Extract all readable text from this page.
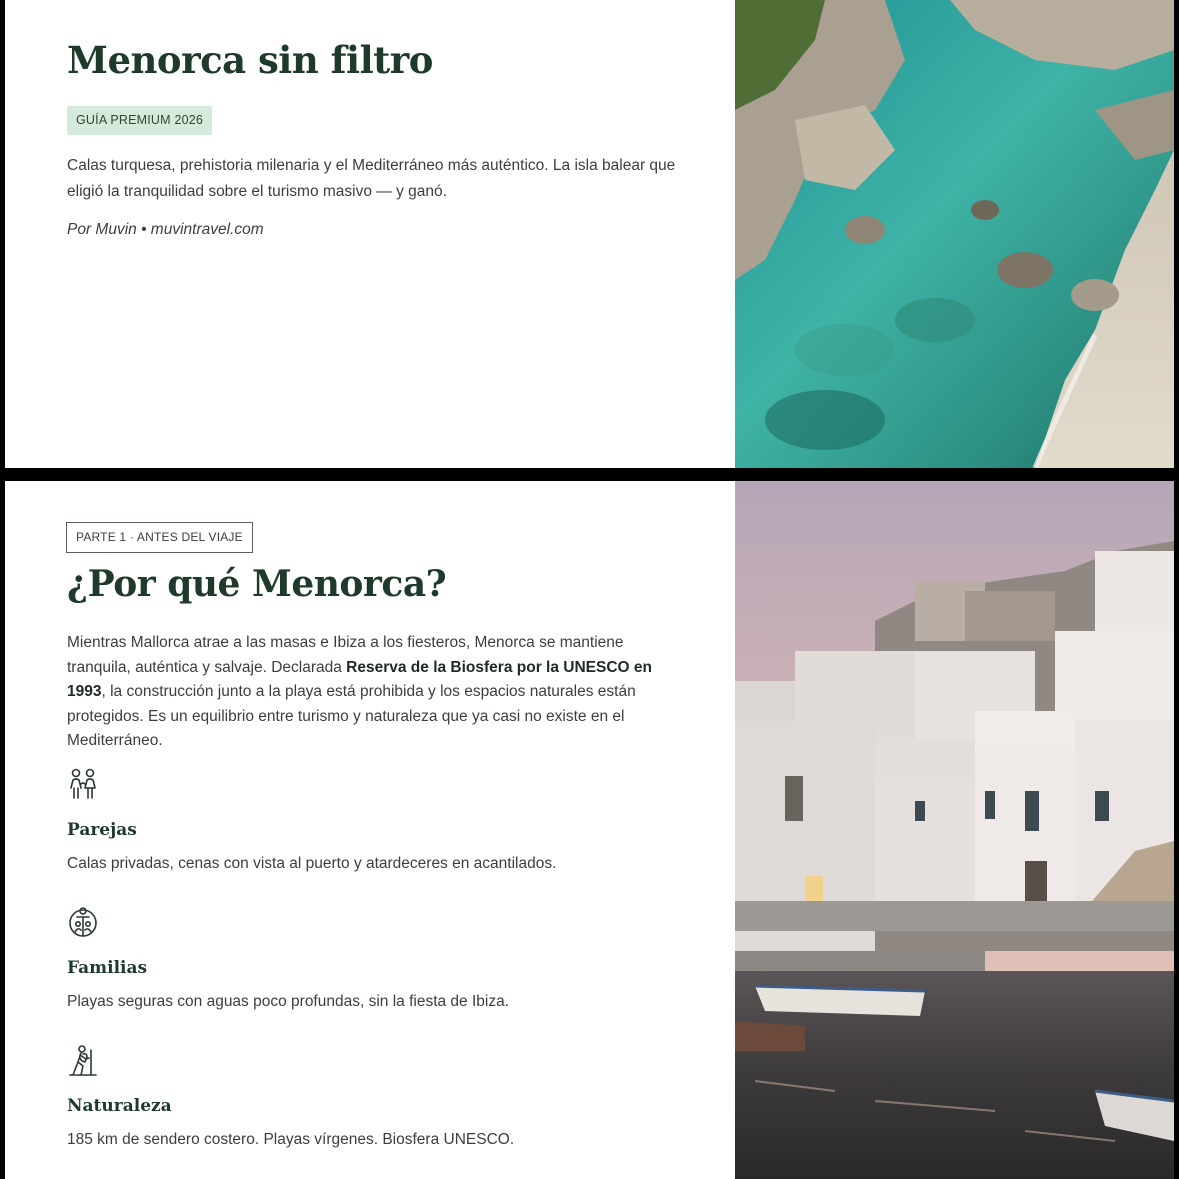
Menorca sin filtro
GUÍA PREMIUM 2026

Calas turquesa, prehistoria milenaria y el Mediterráneo más auténtico. La isla balear que eligió la tranquilidad sobre el turismo masivo — y ganó.

Por Muvin • muvintravel.com

PARTE 1 · ANTES DEL VIAJE
¿Por qué Menorca?

Mientras Mallorca atrae a las masas e Ibiza a los fiesteros, Menorca se mantiene tranquila, auténtica y salvaje. Declarada Reserva de la Biosfera por la UNESCO en 1993, la construcción junto a la playa está prohibida y los espacios naturales están protegidos. Es un equilibrio entre turismo y naturaleza que ya casi no existe en el Mediterráneo.

Parejas

Calas privadas, cenas con vista al puerto y atardeceres en acantilados.

Familias

Playas seguras con aguas poco profundas, sin la fiesta de Ibiza.

Naturaleza

185 km de sendero costero. Playas vírgenes. Biosfera UNESCO.
